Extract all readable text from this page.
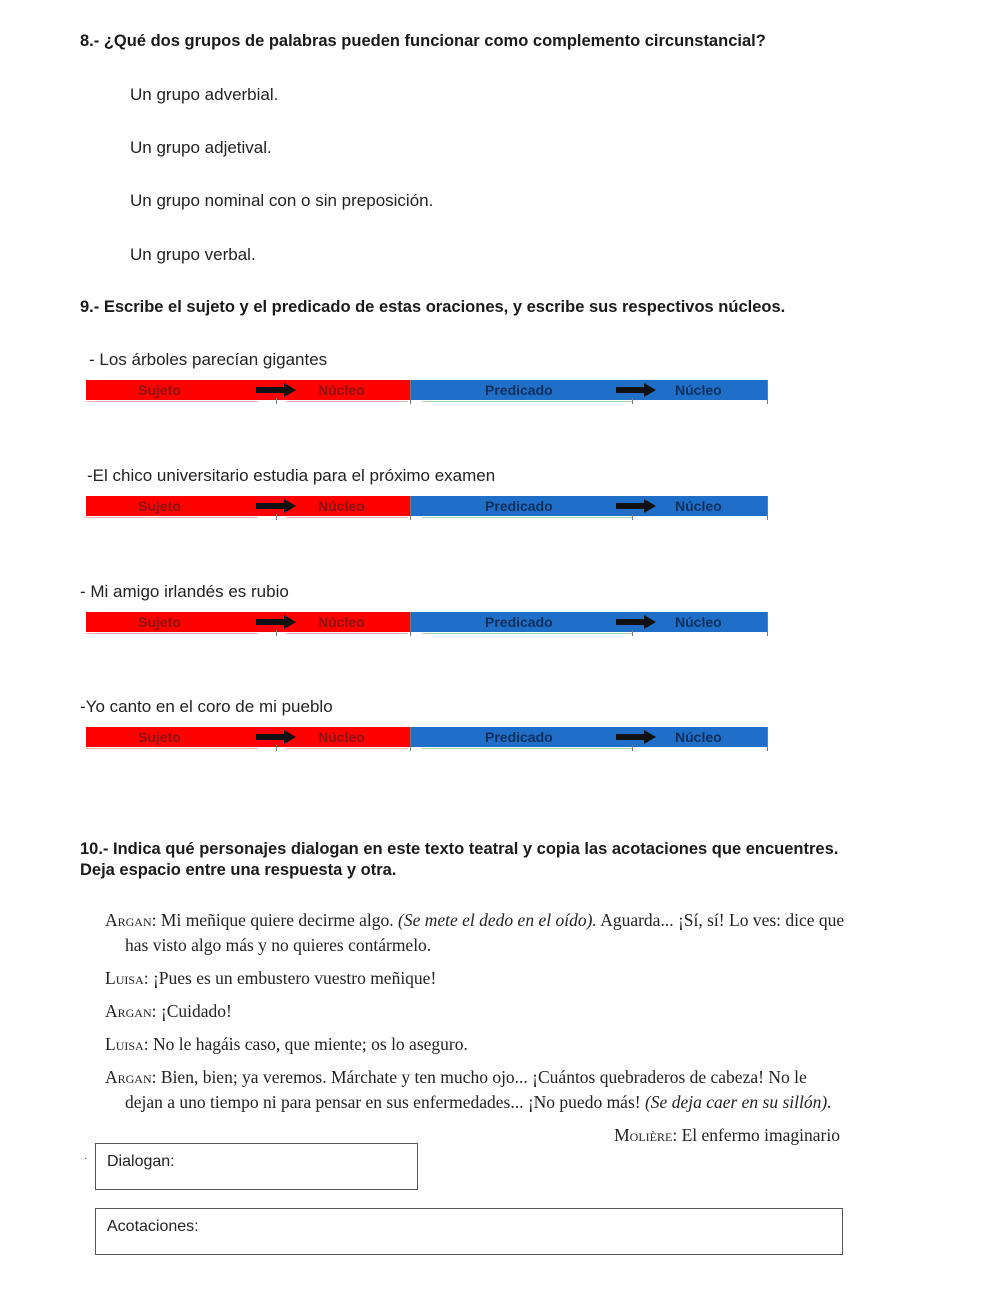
8.- ¿Qué dos grupos de palabras pueden funcionar como complemento circunstancial?
Un grupo adverbial.
Un grupo adjetival.
Un grupo nominal con o sin preposición.
Un grupo verbal.
9.- Escribe el sujeto y el predicado de estas oraciones, y escribe sus respectivos núcleos.
- Los árboles parecían gigantes
Sujeto	Núcleo	Predicado	Núcleo
-El chico universitario estudia para el próximo examen
Sujeto	Núcleo	Predicado	Núcleo
- Mi amigo irlandés es rubio
Sujeto	Núcleo	Predicado	Núcleo
-Yo canto en el coro de mi pueblo
Sujeto	Núcleo	Predicado	Núcleo
10.- Indica qué personajes dialogan en este texto teatral y copia las acotaciones que encuentres.
Deja espacio entre una respuesta y otra.
Argan: Mi meñique quiere decirme algo. (Se mete el dedo en el oído). Aguarda... ¡Sí, sí! Lo ves: dice que
has visto algo más y no quieres contármelo.
Luisa: ¡Pues es un embustero vuestro meñique!
Argan: ¡Cuidado!
Luisa: No le hagáis caso, que miente; os lo aseguro.
Argan: Bien, bien; ya veremos. Márchate y ten mucho ojo... ¡Cuántos quebraderos de cabeza! No le
dejan a uno tiempo ni para pensar en sus enfermedades... ¡No puedo más! (Se deja caer en su sillón).
Molière: El enfermo imaginario
· Dialogan:
Acotaciones:
